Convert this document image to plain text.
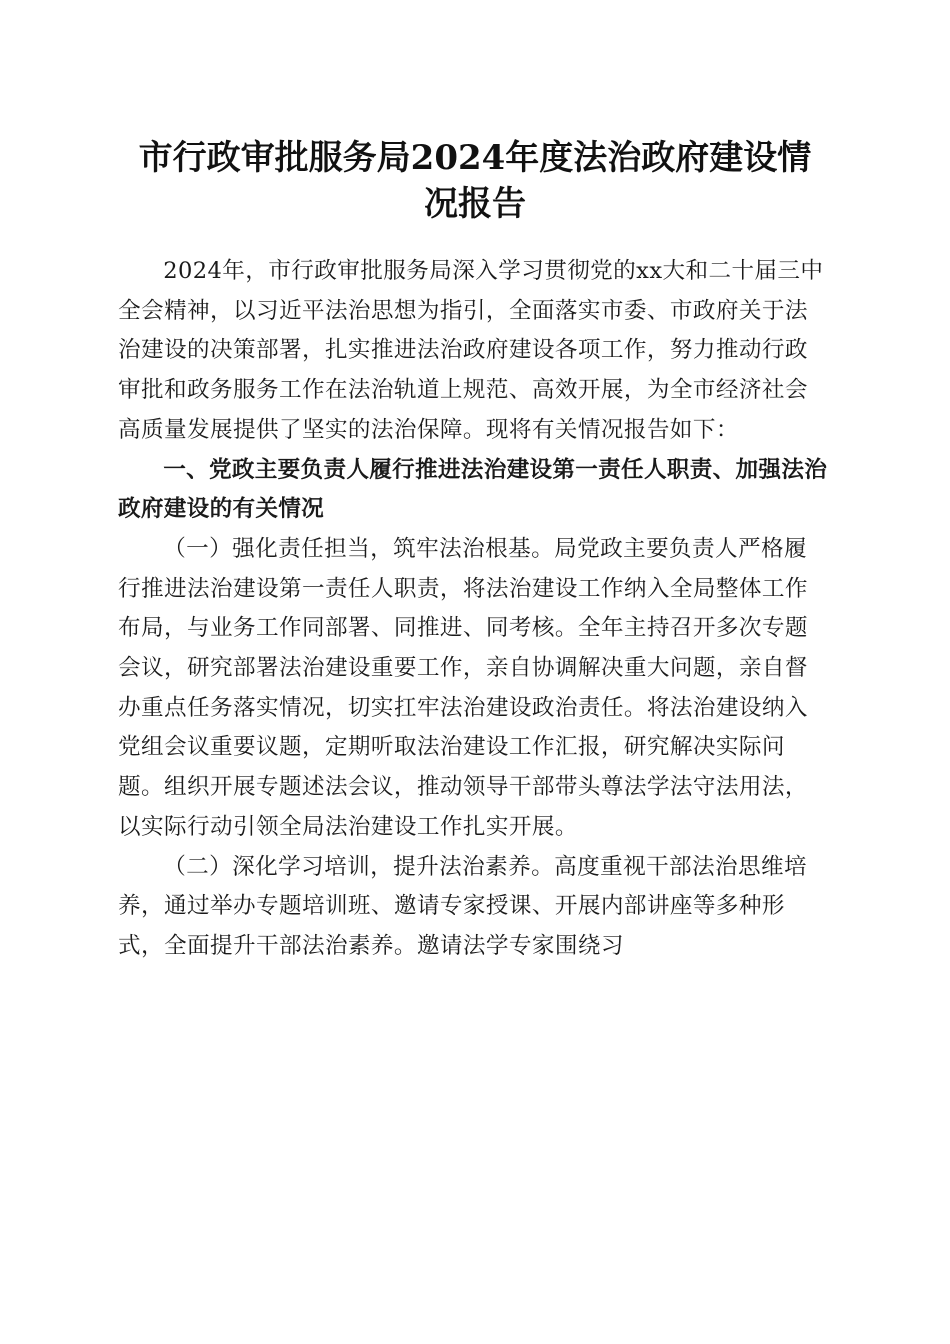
市行政审批服务局2024年度法治政府建设情
况报告

2024年，市行政审批服务局深入学习贯彻党的xx大和二十届三中全会精神，以习近平法治思想为指引，全面落实市委、市政府关于法治建设的决策部署，扎实推进法治政府建设各项工作，努力推动行政审批和政务服务工作在法治轨道上规范、高效开展，为全市经济社会高质量发展提供了坚实的法治保障。现将有关情况报告如下：

一、党政主要负责人履行推进法治建设第一责任人职责、加强法治政府建设的有关情况

（一）强化责任担当，筑牢法治根基。局党政主要负责人严格履行推进法治建设第一责任人职责，将法治建设工作纳入全局整体工作布局，与业务工作同部署、同推进、同考核。全年主持召开多次专题会议，研究部署法治建设重要工作，亲自协调解决重大问题，亲自督办重点任务落实情况，切实扛牢法治建设政治责任。将法治建设纳入党组会议重要议题，定期听取法治建设工作汇报，研究解决实际问题。组织开展专题述法会议，推动领导干部带头尊法学法守法用法，以实际行动引领全局法治建设工作扎实开展。

（二）深化学习培训，提升法治素养。高度重视干部法治思维培养，通过举办专题培训班、邀请专家授课、开展内部讲座等多种形式，全面提升干部法治素养。邀请法学专家围绕习
